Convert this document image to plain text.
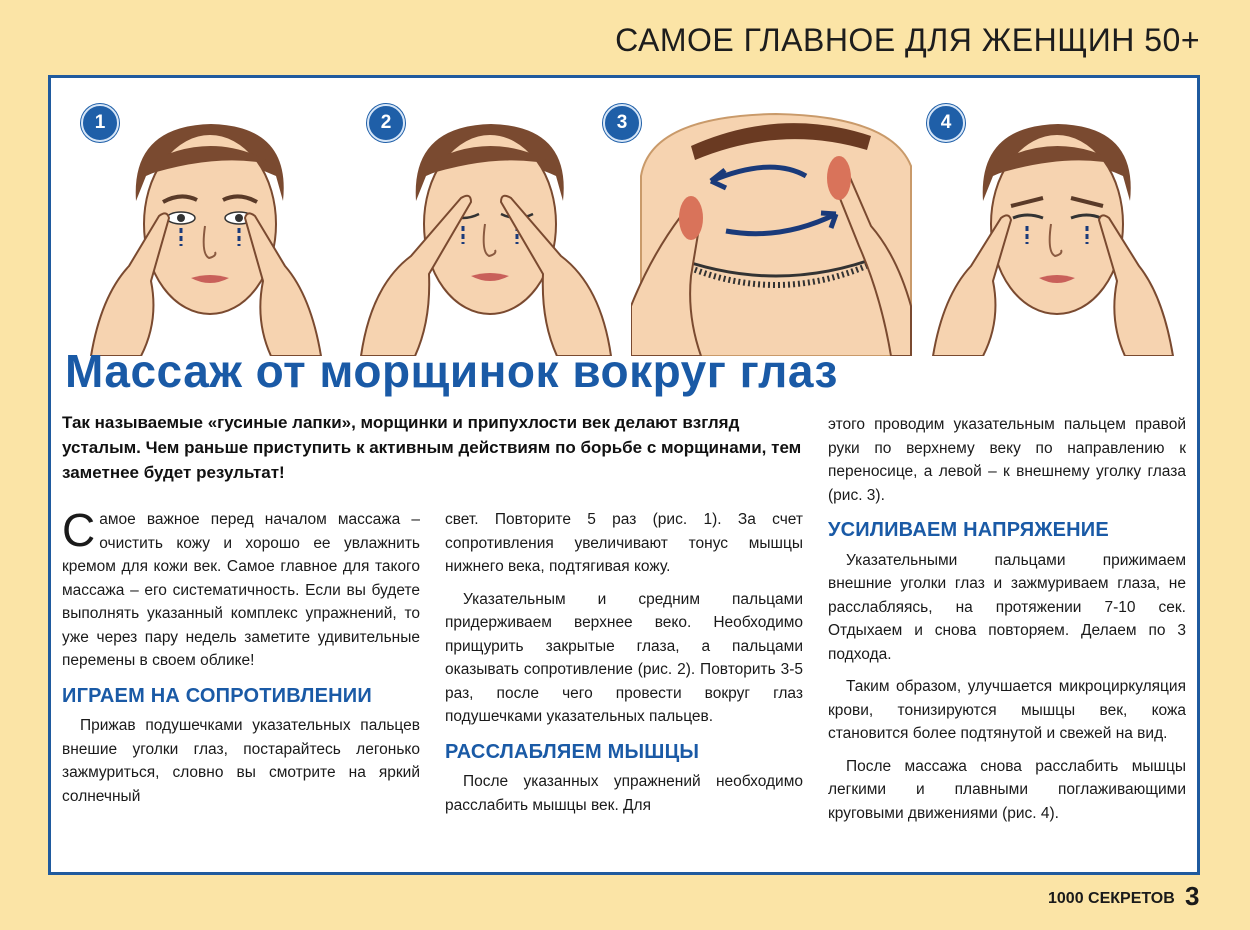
САМОЕ ГЛАВНОЕ ДЛЯ ЖЕНЩИН 50+
1	2	3	4
Массаж от морщинок вокруг глаз

Так называемые «гусиные лапки», морщинки и припухлости век делают взгляд усталым. Чем раньше приступить к активным действиям по борьбе с морщинами, тем заметнее будет результат!

С амое важное перед началом массажа – очистить кожу и хорошо ее увлажнить кремом для кожи век. Самое главное для такого массажа – его систематичность. Если вы будете выполнять указанный комплекс упражнений, то уже через пару недель заметите удивительные перемены в своем облике!

ИГРАЕМ НА СОПРОТИВЛЕНИИ

Прижав подушечками указательных пальцев внешие уголки глаз, постарайтесь легонько зажмуриться, словно вы смотрите на яркий солнечный

свет. Повторите 5 раз (рис. 1). За счет сопротивления увеличивают тонус мышцы нижнего века, подтягивая кожу.

Указательным и средним пальцами придерживаем верхнее веко. Необходимо прищурить закрытые глаза, а пальцами оказывать сопротивление (рис. 2). Повторить 3-5 раз, после чего провести вокруг глаз подушечками указательных пальцев.

РАССЛАБЛЯЕМ МЫШЦЫ

После указанных упражнений необходимо расслабить мышцы век. Для

этого проводим указательным пальцем правой руки по верхнему веку по направлению к переносице, а левой – к внешнему уголку глаза (рис. 3).

УСИЛИВАЕМ НАПРЯЖЕНИЕ

Указательными пальцами прижимаем внешние уголки глаз и зажмуриваем глаза, не расслабляясь, на протяжении 7-10 сек. Отдыхаем и снова повторяем. Делаем по 3 подхода.

Таким образом, улучшается микроциркуляция крови, тонизируются мышцы век, кожа становится более подтянутой и свежей на вид.

После массажа снова расслабить мышцы легкими и плавными поглаживающими круговыми движениями (рис. 4).

1000 СЕКРЕТОВ 3
